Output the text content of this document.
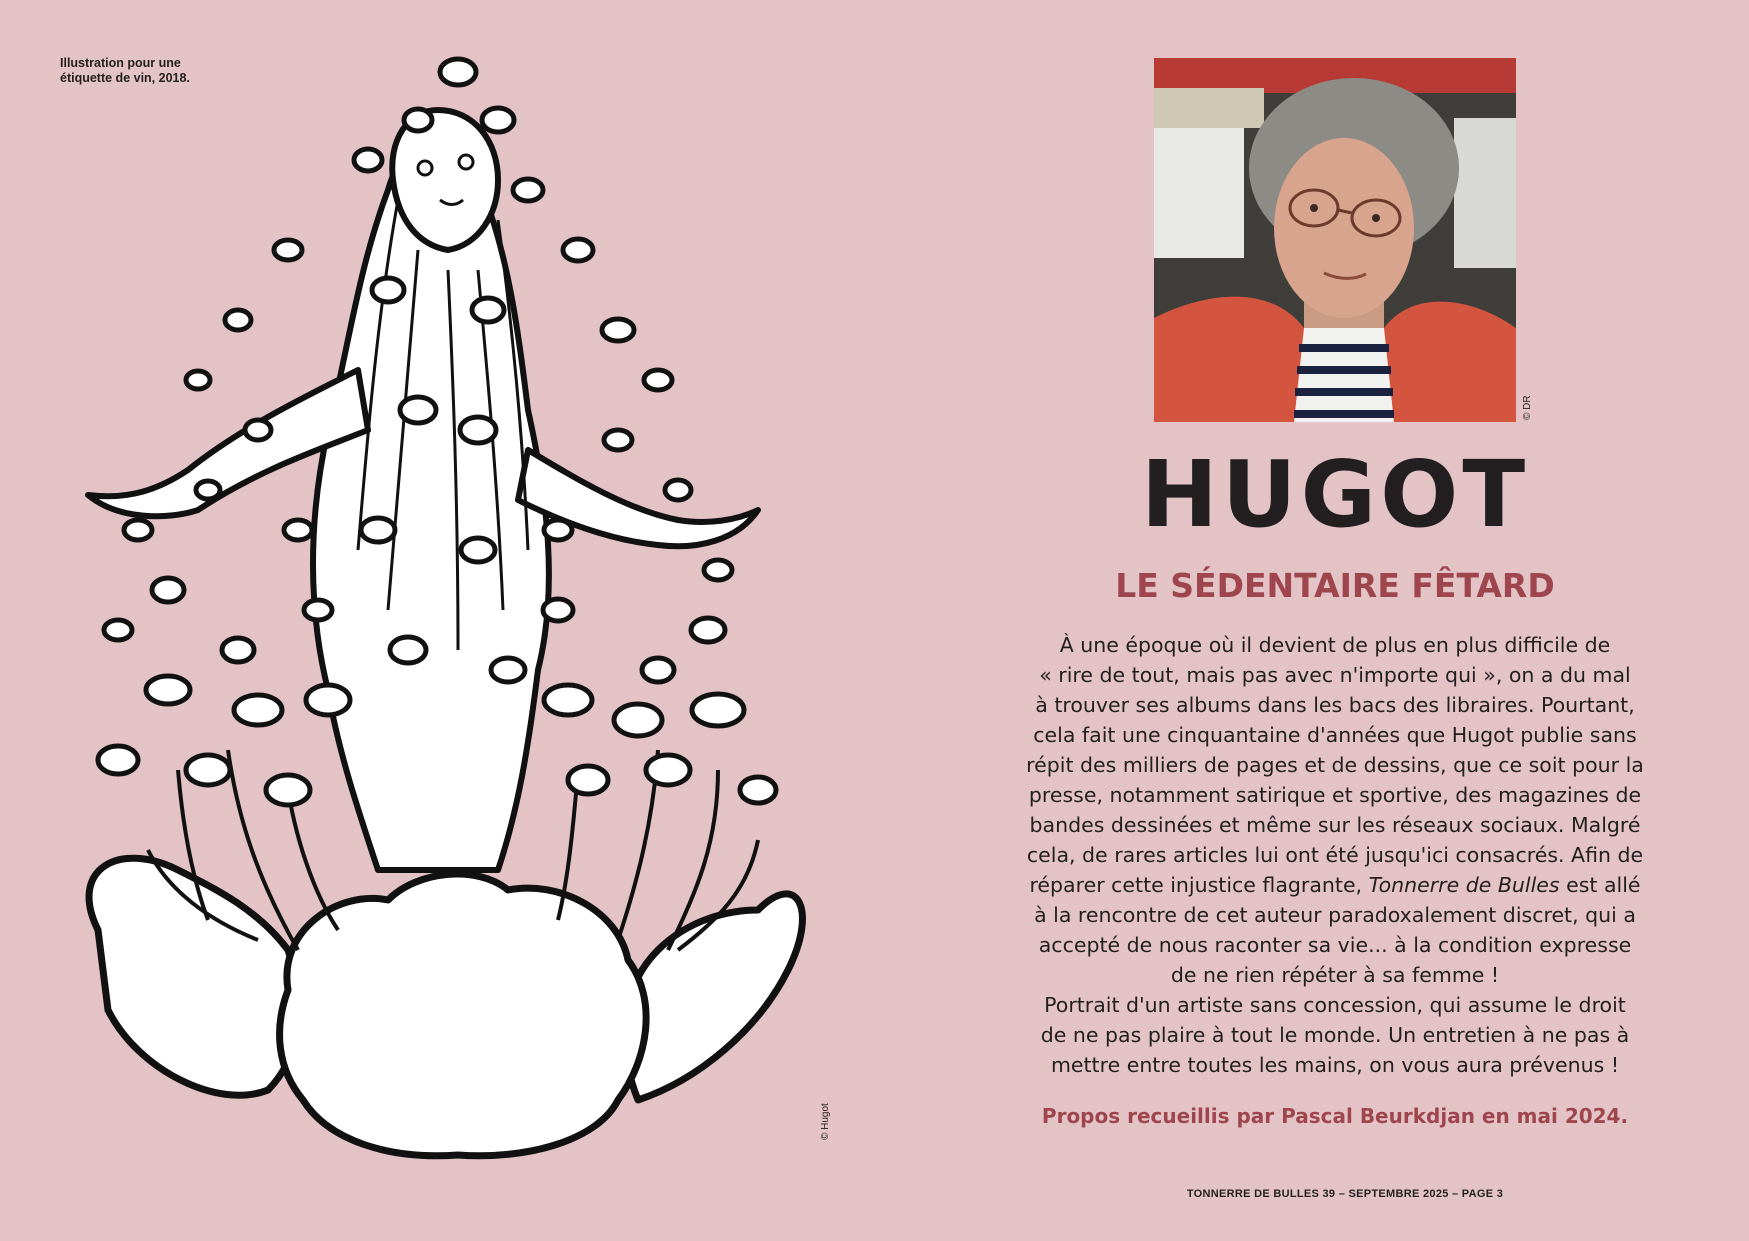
Illustration pour une
étiquette de vin, 2018.
© Hugot
© DR
HUGOT
LE SÉDENTAIRE FÊTARD
À une époque où il devient de plus en plus difficile de
« rire de tout, mais pas avec n'importe qui », on a du mal
à trouver ses albums dans les bacs des libraires. Pourtant,
cela fait une cinquantaine d'années que Hugot publie sans
répit des milliers de pages et de dessins, que ce soit pour la
presse, notamment satirique et sportive, des magazines de
bandes dessinées et même sur les réseaux sociaux. Malgré
cela, de rares articles lui ont été jusqu'ici consacrés. Afin de
réparer cette injustice flagrante, Tonnerre de Bulles est allé
à la rencontre de cet auteur paradoxalement discret, qui a
accepté de nous raconter sa vie... à la condition expresse
de ne rien répéter à sa femme !
Portrait d'un artiste sans concession, qui assume le droit
de ne pas plaire à tout le monde. Un entretien à ne pas à
mettre entre toutes les mains, on vous aura prévenus !
Propos recueillis par Pascal Beurkdjan en mai 2024.
TONNERRE DE BULLES 39 – SEPTEMBRE 2025 – PAGE 3
